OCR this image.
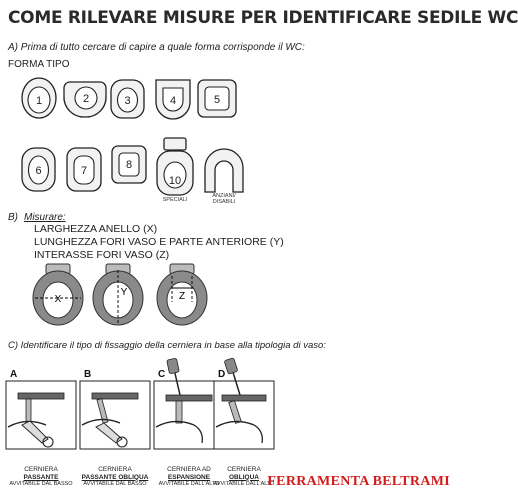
COME RILEVARE MISURE PER IDENTIFICARE SEDILE WC
A) Prima di tutto cercare di capire a quale forma corrisponde il WC:
FORMA TIPO
1	2	3	4	5
6	7	8
10
SPECIALI
ANZIANI/
DISABILI
B) Misurare:
LARGHEZZA ANELLO (X)
LUNGHEZZA FORI VASO E PARTE ANTERIORE (Y)
INTERASSE FORI VASO (Z)
X
Y	Z
C) Identificare il tipo di fissaggio della cerniera in base alla tipologia di vaso:
A	B	C	D
CERNIERA
PASSANTE
AVVITABILE DAL BASSO
CERNIERA
PASSANTE OBLIQUA
AVVITABILE DAL BASSO
CERNIERA AD
ESPANSIONE
AVVITABILE DALL'ALTO
CERNIERA
OBLIQUA
AVVITABILE DALL'ALTO
FERRAMENTA BELTRAMI
